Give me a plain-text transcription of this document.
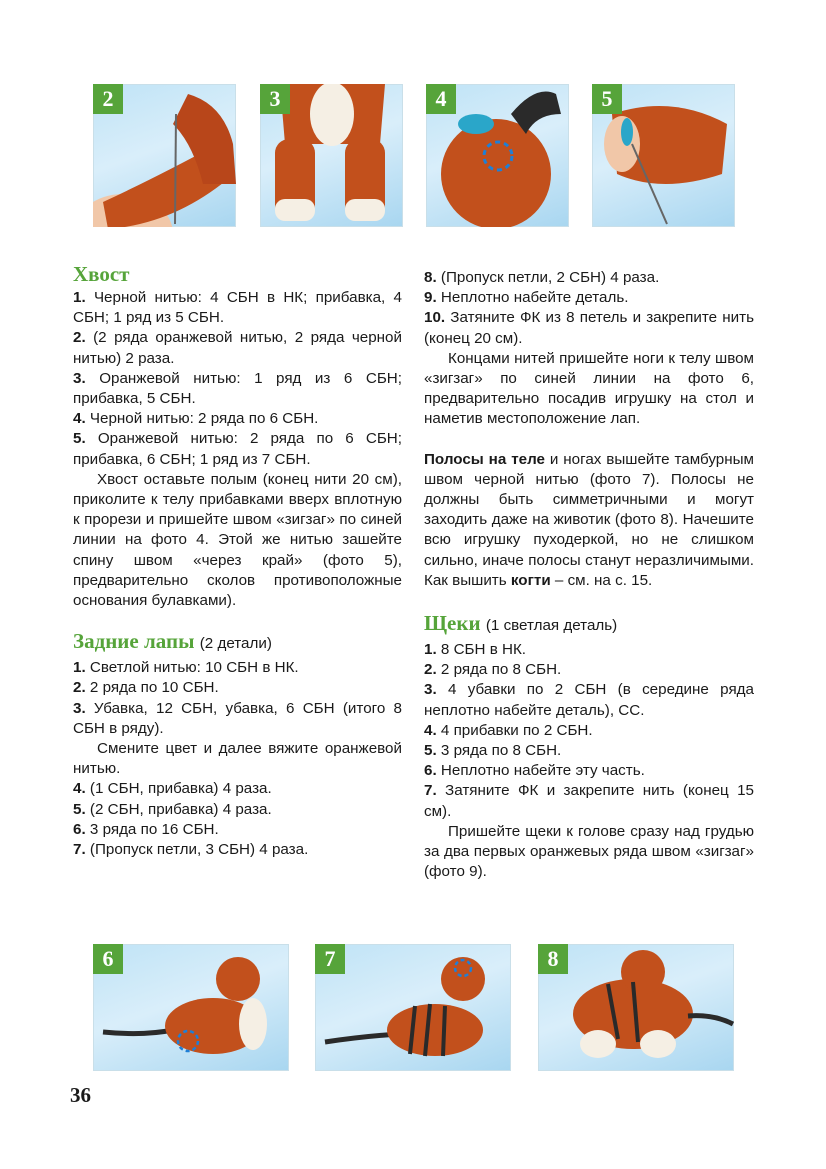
2	3	4	5

Хвост

1. Черной нитью: 4 СБН в НК; прибавка, 4 СБН; 1 ряд из 5 СБН.

2. (2 ряда оранжевой нитью, 2 ряда черной нитью) 2 раза.

3. Оранжевой нитью: 1 ряд из 6 СБН; прибавка, 5 СБН.

4. Черной нитью: 2 ряда по 6 СБН.

5. Оранжевой нитью: 2 ряда по 6 СБН; прибавка, 6 СБН; 1 ряд из 7 СБН.

Хвост оставьте полым (конец нити 20 см), приколите к телу прибавками вверх вплотную к прорези и пришейте швом «зигзаг» по синей линии на фото 4. Этой же нитью зашейте спину швом «через край» (фото 5), предварительно сколов противоположные основания булавками).

Задние лапы (2 детали)

1. Светлой нитью: 10 СБН в НК.

2. 2 ряда по 10 СБН.

3. Убавка, 12 СБН, убавка, 6 СБН (итого 8 СБН в ряду).

Смените цвет и далее вяжите оранжевой нитью.

4. (1 СБН, прибавка) 4 раза.

5. (2 СБН, прибавка) 4 раза.

6. 3 ряда по 16 СБН.

7. (Пропуск петли, 3 СБН) 4 раза.

8. (Пропуск петли, 2 СБН) 4 раза.

9. Неплотно набейте деталь.

10. Затяните ФК из 8 петель и закрепите нить (конец 20 см).

Концами нитей пришейте ноги к телу швом «зигзаг» по синей линии на фото 6, предварительно посадив игрушку на стол и наметив местоположение лап.

Полосы на теле и ногах вышейте тамбурным швом черной нитью (фото 7). Полосы не должны быть симметричными и могут заходить даже на животик (фото 8). Начешите всю игрушку пуходеркой, но не слишком сильно, иначе полосы станут неразличимыми. Как вышить когти – см. на с. 15.

Щеки (1 светлая деталь)

1. 8 СБН в НК.

2. 2 ряда по 8 СБН.

3. 4 убавки по 2 СБН (в середине ряда неплотно набейте деталь), СС.

4. 4 прибавки по 2 СБН.

5. 3 ряда по 8 СБН.

6. Неплотно набейте эту часть.

7. Затяните ФК и закрепите нить (конец 15 см).

Пришейте щеки к голове сразу над грудью за два первых оранжевых ряда швом «зигзаг» (фото 9).

6	7	8
36
